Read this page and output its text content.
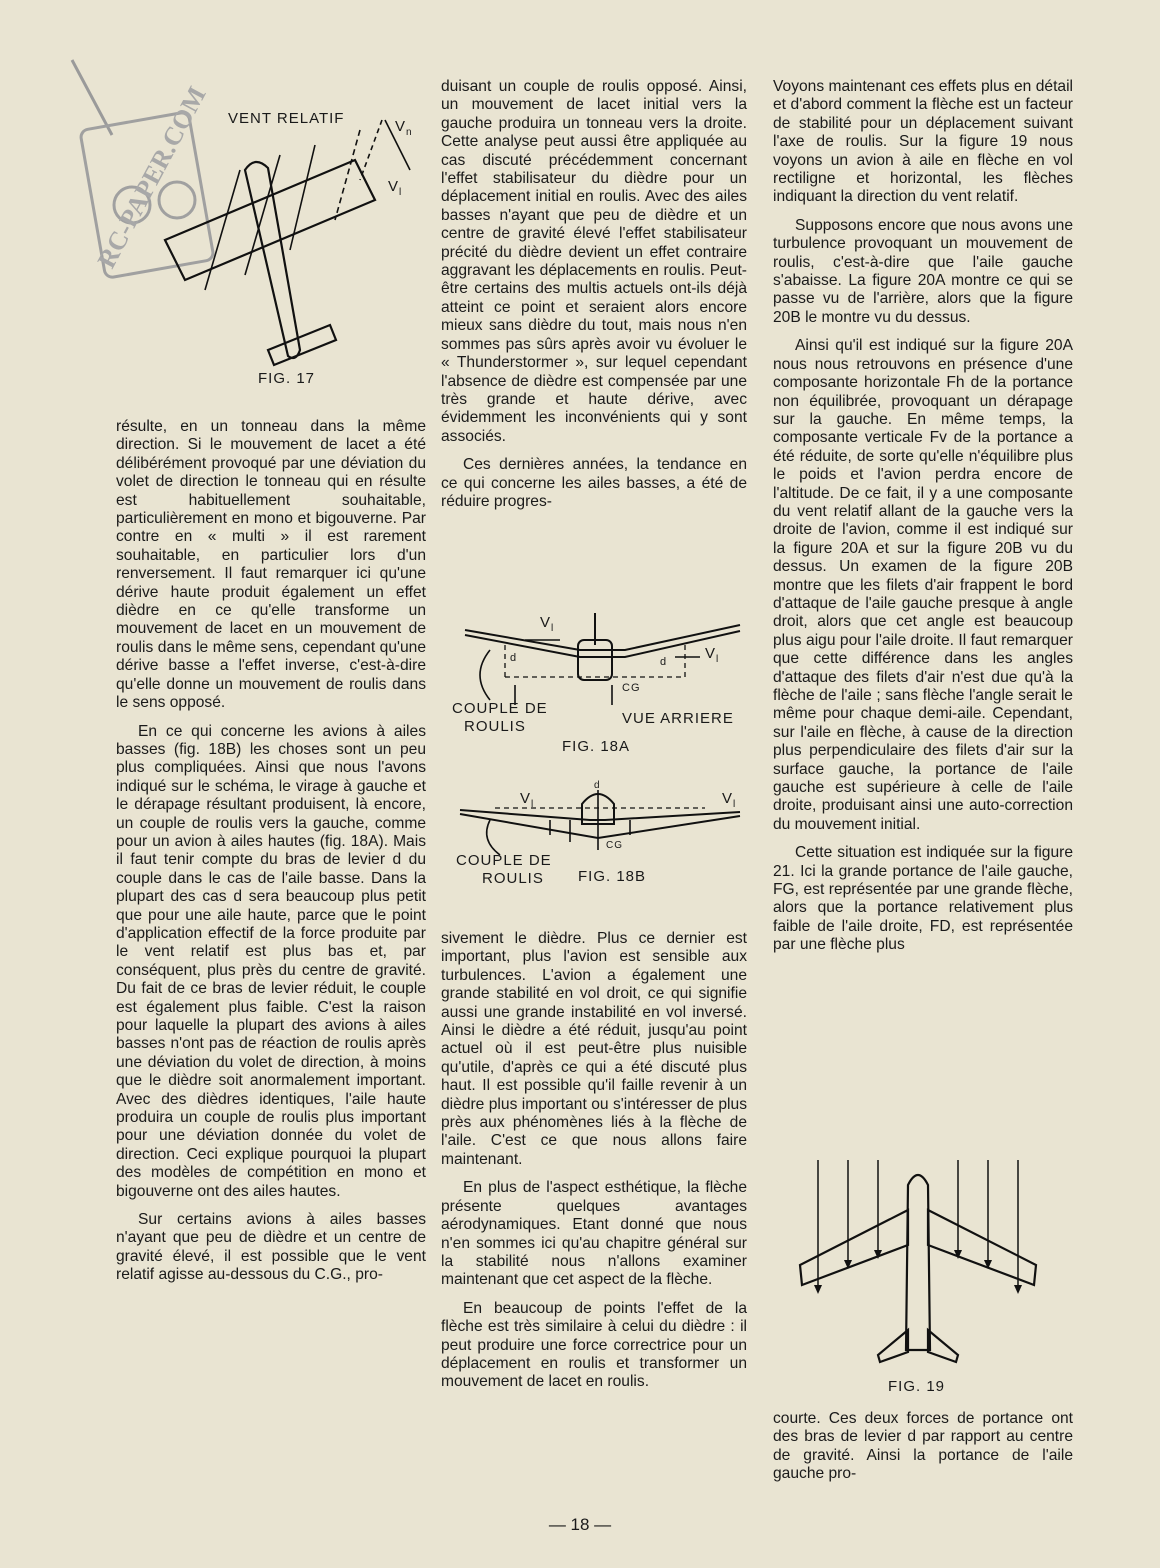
RC-PAPER.COM VENT RELATIF	$V_n$
$V_l$
FIG. 17

résulte, en un tonneau dans la même direction. Si le mouvement de lacet a été délibérément provoqué par une déviation du volet de direction le tonneau qui en résulte est habituellement souhaitable, particulièrement en mono et bigouverne. Par contre en « multi » il est rarement souhaitable, en particulier lors d'un renversement. Il faut remarquer ici qu'une dérive haute produit également un effet dièdre en ce qu'elle transforme un mouvement de lacet en un mouvement de roulis dans le même sens, cependant qu'une dérive basse a l'effet inverse, c'est-à-dire qu'elle donne un mouvement de roulis dans le sens opposé.

En ce qui concerne les avions à ailes basses (fig. 18B) les choses sont un peu plus compliquées. Ainsi que nous l'avons indiqué sur le schéma, le virage à gauche et le dérapage résultant produisent, là encore, un couple de roulis vers la gauche, comme pour un avion à ailes hautes (fig. 18A). Mais il faut tenir compte du bras de levier d du couple dans le cas de l'aile basse. Dans la plupart des cas d sera beaucoup plus petit que pour une aile haute, parce que le point d'application effectif de la force produite par le vent relatif est plus bas et, par conséquent, plus près du centre de gravité. Du fait de ce bras de levier réduit, le couple est également plus faible. C'est la raison pour laquelle la plupart des avions à ailes basses n'ont pas de réaction de roulis après une déviation du volet de direction, à moins que le dièdre soit anormalement important. Avec des dièdres identiques, l'aile haute produira un couple de roulis plus important pour une déviation donnée du volet de direction. Ceci explique pourquoi la plupart des modèles de compétition en mono et bigouverne ont des ailes hautes.

Sur certains avions à ailes basses n'ayant que peu de dièdre et un centre de gravité élevé, il est possible que le vent relatif agisse au-dessous du C.G., pro-

duisant un couple de roulis opposé. Ainsi, un mouvement de lacet initial vers la gauche produira un tonneau vers la droite. Cette analyse peut aussi être appliquée au cas discuté précédemment concernant l'effet stabilisateur du dièdre pour un déplacement initial en roulis. Avec des ailes basses n'ayant que peu de dièdre et un centre de gravité élevé l'effet stabilisateur précité du dièdre devient un effet contraire aggravant les déplacements en roulis. Peut-être certains des multis actuels ont-ils déjà atteint ce point et seraient alors encore mieux sans dièdre du tout, mais nous n'en sommes pas sûrs après avoir vu évoluer le « Thunderstormer », sur lequel cependant l'absence de dièdre est compensée par une très grande et haute dérive, avec évidemment les inconvénients qui y sont associés.

Ces dernières années, la tendance en ce qui concerne les ailes basses, a été de réduire progres-

$V_l$
$V_l$
d	d
CG
COUPLE DE
ROULIS	VUE ARRIERE
FIG. 18A
$V_l$	$V_l$
d
CG
COUPLE DE
ROULIS FIG. 18B

sivement le dièdre. Plus ce dernier est important, plus l'avion est sensible aux turbulences. L'avion a également une grande stabilité en vol droit, ce qui signifie aussi une grande instabilité en vol inversé. Ainsi le dièdre a été réduit, jusqu'au point actuel où il est peut-être plus nuisible qu'utile, d'après ce qui a été discuté plus haut. Il est possible qu'il faille revenir à un dièdre plus important ou s'intéresser de plus près aux phénomènes liés à la flèche de l'aile. C'est ce que nous allons faire maintenant.

En plus de l'aspect esthétique, la flèche présente quelques avantages aérodynamiques. Etant donné que nous n'en sommes ici qu'au chapitre général sur la stabilité nous n'allons examiner maintenant que cet aspect de la flèche.

En beaucoup de points l'effet de la flèche est très similaire à celui du dièdre : il peut produire une force correctrice pour un déplacement en roulis et transformer un mouvement de lacet en roulis.

Voyons maintenant ces effets plus en détail et d'abord comment la flèche est un facteur de stabilité pour un déplacement suivant l'axe de roulis. Sur la figure 19 nous voyons un avion à aile en flèche en vol rectiligne et horizontal, les flèches indiquant la direction du vent relatif.

Supposons encore que nous avons une turbulence provoquant un mouvement de roulis, c'est-à-dire que l'aile gauche s'abaisse. La figure 20A montre ce qui se passe vu de l'arrière, alors que la figure 20B le montre vu du dessus.

Ainsi qu'il est indiqué sur la figure 20A nous nous retrouvons en présence d'une composante horizontale Fh de la portance non équilibrée, provoquant un dérapage sur la gauche. En même temps, la composante verticale Fv de la portance a été réduite, de sorte qu'elle n'équilibre plus le poids et l'avion perdra encore de l'altitude. De ce fait, il y a une composante du vent relatif allant de la gauche vers la droite de l'avion, comme il est indiqué sur la figure 20A et sur la figure 20B vu du dessus. Un examen de la figure 20B montre que les filets d'air frappent le bord d'attaque de l'aile gauche presque à angle droit, alors que cet angle est beaucoup plus aigu pour l'aile droite. Il faut remarquer que cette différence dans les angles d'attaque des filets d'air n'est due qu'à la flèche de l'aile ; sans flèche l'angle serait le même pour chaque demi-aile. Cependant, sur l'aile en flèche, à cause de la direction plus perpendiculaire des filets d'air sur la surface gauche, la portance de l'aile gauche est supérieure à celle de l'aile droite, produisant ainsi une auto-correction du mouvement initial.

Cette situation est indiquée sur la figure 21. Ici la grande portance de l'aile gauche, FG, est représentée par une grande flèche, alors que la portance relativement plus faible de l'aile droite, FD, est représentée par une flèche plus

FIG. 19

courte. Ces deux forces de portance ont des bras de levier d par rapport au centre de gravité. Ainsi la portance de l'aile gauche pro-

— 18 —
